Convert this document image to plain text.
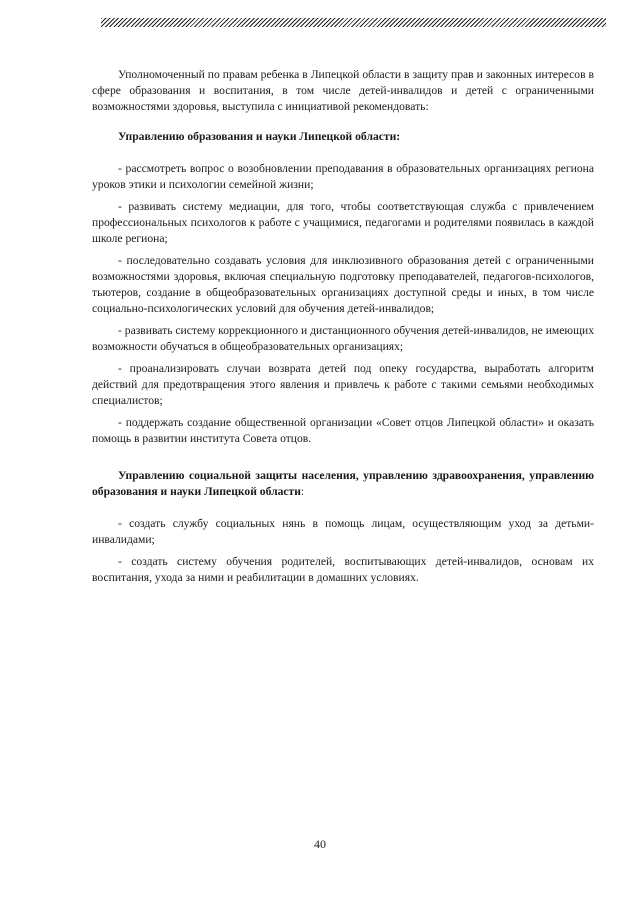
Уполномоченный по правам ребенка в Липецкой области в защиту прав и законных интересов в сфере образования и воспитания, в том числе детей-инвалидов и детей с ограниченными возможностями здоровья, выступила с инициативой рекомендовать:

Управлению образования и науки Липецкой области:

- рассмотреть вопрос о возобновлении преподавания в образовательных организациях региона уроков этики и психологии семейной жизни;

- развивать систему медиации, для того, чтобы соответствующая служба с привлечением профессиональных психологов к работе с учащимися, педагогами и родителями появилась в каждой школе региона;

- последовательно создавать условия для инклюзивного образования детей с ограниченными возможностями здоровья, включая специальную подготовку преподавателей, педагогов-психологов, тьютеров, создание в общеобразовательных организациях доступной среды и иных, в том числе социально-психологических условий для обучения детей-инвалидов;

- развивать систему коррекционного и дистанционного обучения детей-инвалидов, не имеющих возможности обучаться в общеобразовательных организациях;

- проанализировать случаи возврата детей под опеку государства, выработать алгоритм действий для предотвращения этого явления и привлечь к работе с такими семьями необходимых специалистов;

- поддержать создание общественной организации «Совет отцов Липецкой области» и оказать помощь в развитии института Совета отцов.

Управлению социальной защиты населения, управлению здравоохранения, управлению образования и науки Липецкой области:

- создать службу социальных нянь в помощь лицам, осуществляющим уход за детьми-инвалидами;

- создать систему обучения родителей, воспитывающих детей-инвалидов, основам их воспитания, ухода за ними и реабилитации в домашних условиях.

40
